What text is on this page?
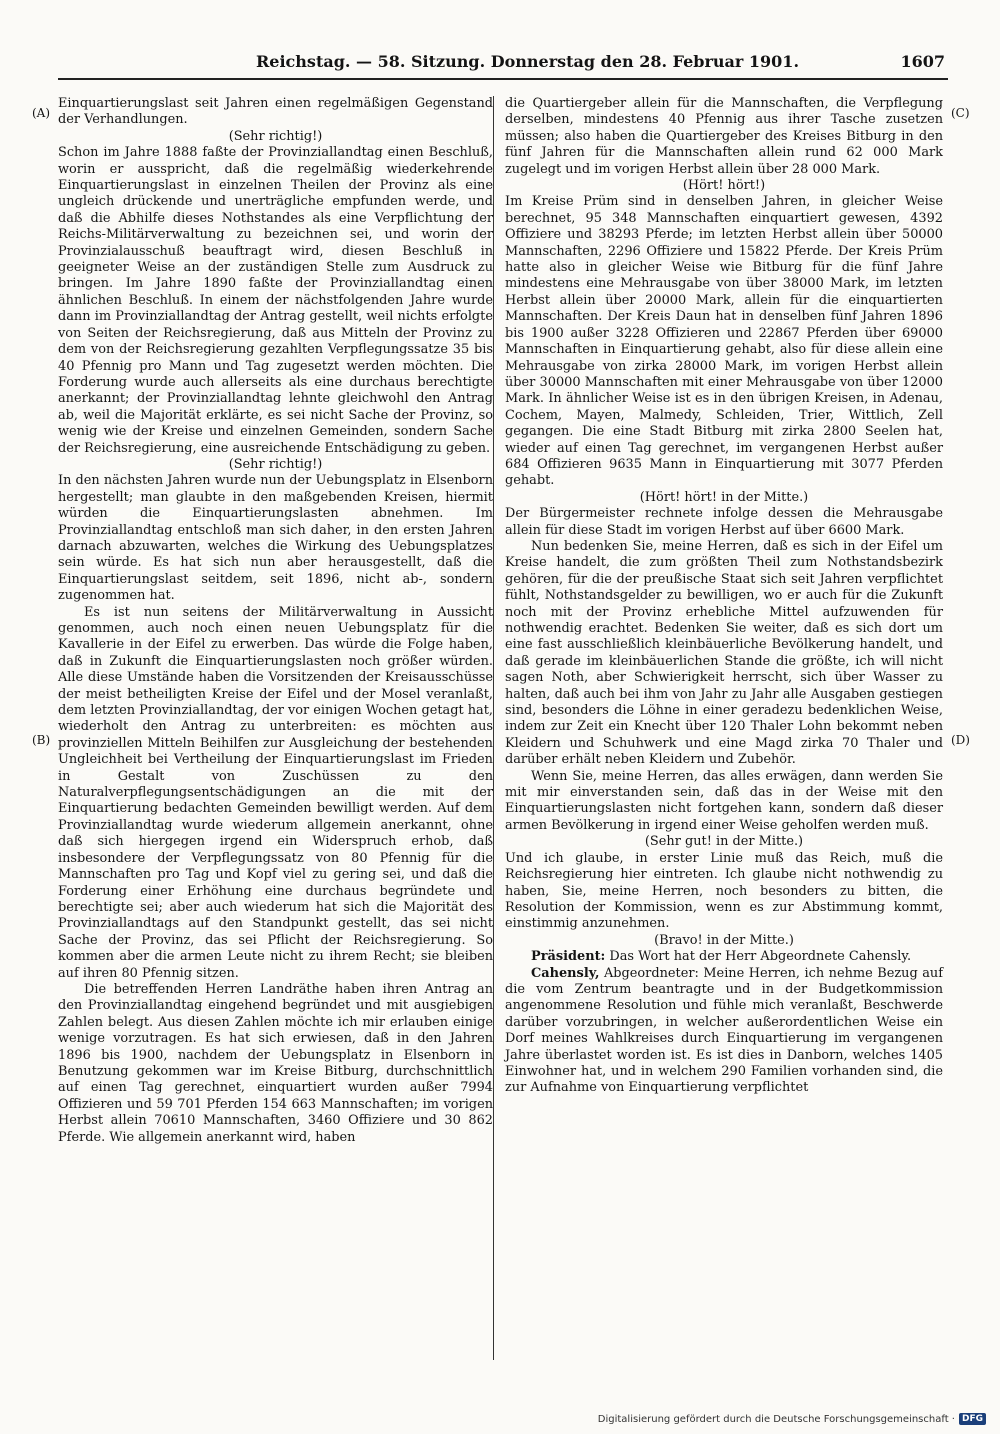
Reichstag. — 58. Sitzung. Donnerstag den 28. Februar 1901.	1607
(A)
(B)
(C)
(D)

Einquartierungslast seit Jahren einen regelmäßigen Gegenstand der Verhandlungen.

(Sehr richtig!)

Schon im Jahre 1888 faßte der Provinziallandtag einen Beschluß, worin er ausspricht, daß die regelmäßig wiederkehrende Einquartierungslast in einzelnen Theilen der Provinz als eine ungleich drückende und unerträgliche empfunden werde, und daß die Abhilfe dieses Nothstandes als eine Verpflichtung der Reichs-Militärverwaltung zu bezeichnen sei, und worin der Provinzialausschuß beauftragt wird, diesen Beschluß in geeigneter Weise an der zuständigen Stelle zum Ausdruck zu bringen. Im Jahre 1890 faßte der Provinziallandtag einen ähnlichen Beschluß. In einem der nächstfolgenden Jahre wurde dann im Provinziallandtag der Antrag gestellt, weil nichts erfolgte von Seiten der Reichsregierung, daß aus Mitteln der Provinz zu dem von der Reichsregierung gezahlten Verpflegungssatze 35 bis 40 Pfennig pro Mann und Tag zugesetzt werden möchten. Die Forderung wurde auch allerseits als eine durchaus berechtigte anerkannt; der Provinziallandtag lehnte gleichwohl den Antrag ab, weil die Majorität erklärte, es sei nicht Sache der Provinz, so wenig wie der Kreise und einzelnen Gemeinden, sondern Sache der Reichsregierung, eine ausreichende Entschädigung zu geben.

(Sehr richtig!)

In den nächsten Jahren wurde nun der Uebungsplatz in Elsenborn hergestellt; man glaubte in den maßgebenden Kreisen, hiermit würden die Einquartierungslasten abnehmen. Im Provinziallandtag entschloß man sich daher, in den ersten Jahren darnach abzuwarten, welches die Wirkung des Uebungsplatzes sein würde. Es hat sich nun aber herausgestellt, daß die Einquartierungslast seitdem, seit 1896, nicht ab-, sondern zugenommen hat.

Es ist nun seitens der Militärverwaltung in Aussicht genommen, auch noch einen neuen Uebungsplatz für die Kavallerie in der Eifel zu erwerben. Das würde die Folge haben, daß in Zukunft die Einquartierungslasten noch größer würden. Alle diese Umstände haben die Vorsitzenden der Kreisausschüsse der meist betheiligten Kreise der Eifel und der Mosel veranlaßt, dem letzten Provinziallandtag, der vor einigen Wochen getagt hat, wiederholt den Antrag zu unterbreiten: es möchten aus provinziellen Mitteln Beihilfen zur Ausgleichung der bestehenden Ungleichheit bei Vertheilung der Einquartierungslast im Frieden in Gestalt von Zuschüssen zu den Naturalverpflegungsentschädigungen an die mit der Einquartierung bedachten Gemeinden bewilligt werden. Auf dem Provinziallandtag wurde wiederum allgemein anerkannt, ohne daß sich hiergegen irgend ein Widerspruch erhob, daß insbesondere der Verpflegungssatz von 80 Pfennig für die Mannschaften pro Tag und Kopf viel zu gering sei, und daß die Forderung einer Erhöhung eine durchaus begründete und berechtigte sei; aber auch wiederum hat sich die Majorität des Provinziallandtags auf den Standpunkt gestellt, das sei nicht Sache der Provinz, das sei Pflicht der Reichsregierung. So kommen aber die armen Leute nicht zu ihrem Recht; sie bleiben auf ihren 80 Pfennig sitzen.

Die betreffenden Herren Landräthe haben ihren Antrag an den Provinziallandtag eingehend begründet und mit ausgiebigen Zahlen belegt. Aus diesen Zahlen möchte ich mir erlauben einige wenige vorzutragen. Es hat sich erwiesen, daß in den Jahren 1896 bis 1900, nachdem der Uebungsplatz in Elsenborn in Benutzung gekommen war im Kreise Bitburg, durchschnittlich auf einen Tag gerechnet, einquartiert wurden außer 7994 Offizieren und 59 701 Pferden 154 663 Mannschaften; im vorigen Herbst allein 70610 Mannschaften, 3460 Offiziere und 30 862 Pferde. Wie allgemein anerkannt wird, haben

die Quartiergeber allein für die Mannschaften, die Verpflegung derselben, mindestens 40 Pfennig aus ihrer Tasche zusetzen müssen; also haben die Quartiergeber des Kreises Bitburg in den fünf Jahren für die Mannschaften allein rund 62 000 Mark zugelegt und im vorigen Herbst allein über 28 000 Mark.

(Hört! hört!)

Im Kreise Prüm sind in denselben Jahren, in gleicher Weise berechnet, 95 348 Mannschaften einquartiert gewesen, 4392 Offiziere und 38293 Pferde; im letzten Herbst allein über 50000 Mannschaften, 2296 Offiziere und 15822 Pferde. Der Kreis Prüm hatte also in gleicher Weise wie Bitburg für die fünf Jahre mindestens eine Mehrausgabe von über 38000 Mark, im letzten Herbst allein über 20000 Mark, allein für die einquartierten Mannschaften. Der Kreis Daun hat in denselben fünf Jahren 1896 bis 1900 außer 3228 Offizieren und 22867 Pferden über 69000 Mannschaften in Einquartierung gehabt, also für diese allein eine Mehrausgabe von zirka 28000 Mark, im vorigen Herbst allein über 30000 Mannschaften mit einer Mehrausgabe von über 12000 Mark. In ähnlicher Weise ist es in den übrigen Kreisen, in Adenau, Cochem, Mayen, Malmedy, Schleiden, Trier, Wittlich, Zell gegangen. Die eine Stadt Bitburg mit zirka 2800 Seelen hat, wieder auf einen Tag gerechnet, im vergangenen Herbst außer 684 Offizieren 9635 Mann in Einquartierung mit 3077 Pferden gehabt.

(Hört! hört! in der Mitte.)

Der Bürgermeister rechnete infolge dessen die Mehrausgabe allein für diese Stadt im vorigen Herbst auf über 6600 Mark.

Nun bedenken Sie, meine Herren, daß es sich in der Eifel um Kreise handelt, die zum größten Theil zum Nothstandsbezirk gehören, für die der preußische Staat sich seit Jahren verpflichtet fühlt, Nothstandsgelder zu bewilligen, wo er auch für die Zukunft noch mit der Provinz erhebliche Mittel aufzuwenden für nothwendig erachtet. Bedenken Sie weiter, daß es sich dort um eine fast ausschließlich kleinbäuerliche Bevölkerung handelt, und daß gerade im kleinbäuerlichen Stande die größte, ich will nicht sagen Noth, aber Schwierigkeit herrscht, sich über Wasser zu halten, daß auch bei ihm von Jahr zu Jahr alle Ausgaben gestiegen sind, besonders die Löhne in einer geradezu bedenklichen Weise, indem zur Zeit ein Knecht über 120 Thaler Lohn bekommt neben Kleidern und Schuhwerk und eine Magd zirka 70 Thaler und darüber erhält neben Kleidern und Zubehör.

Wenn Sie, meine Herren, das alles erwägen, dann werden Sie mit mir einverstanden sein, daß das in der Weise mit den Einquartierungslasten nicht fortgehen kann, sondern daß dieser armen Bevölkerung in irgend einer Weise geholfen werden muß.

(Sehr gut! in der Mitte.)

Und ich glaube, in erster Linie muß das Reich, muß die Reichsregierung hier eintreten. Ich glaube nicht nothwendig zu haben, Sie, meine Herren, noch besonders zu bitten, die Resolution der Kommission, wenn es zur Abstimmung kommt, einstimmig anzunehmen.

(Bravo! in der Mitte.)

Präsident: Das Wort hat der Herr Abgeordnete Cahensly.

Cahensly, Abgeordneter: Meine Herren, ich nehme Bezug auf die vom Zentrum beantragte und in der Budgetkommission angenommene Resolution und fühle mich veranlaßt, Beschwerde darüber vorzubringen, in welcher außerordentlichen Weise ein Dorf meines Wahlkreises durch Einquartierung im vergangenen Jahre überlastet worden ist. Es ist dies in Danborn, welches 1405 Einwohner hat, und in welchem 290 Familien vorhanden sind, die zur Aufnahme von Einquartierung verpflichtet

Digitalisierung gefördert durch die Deutsche Forschungsgemeinschaft · DFG
